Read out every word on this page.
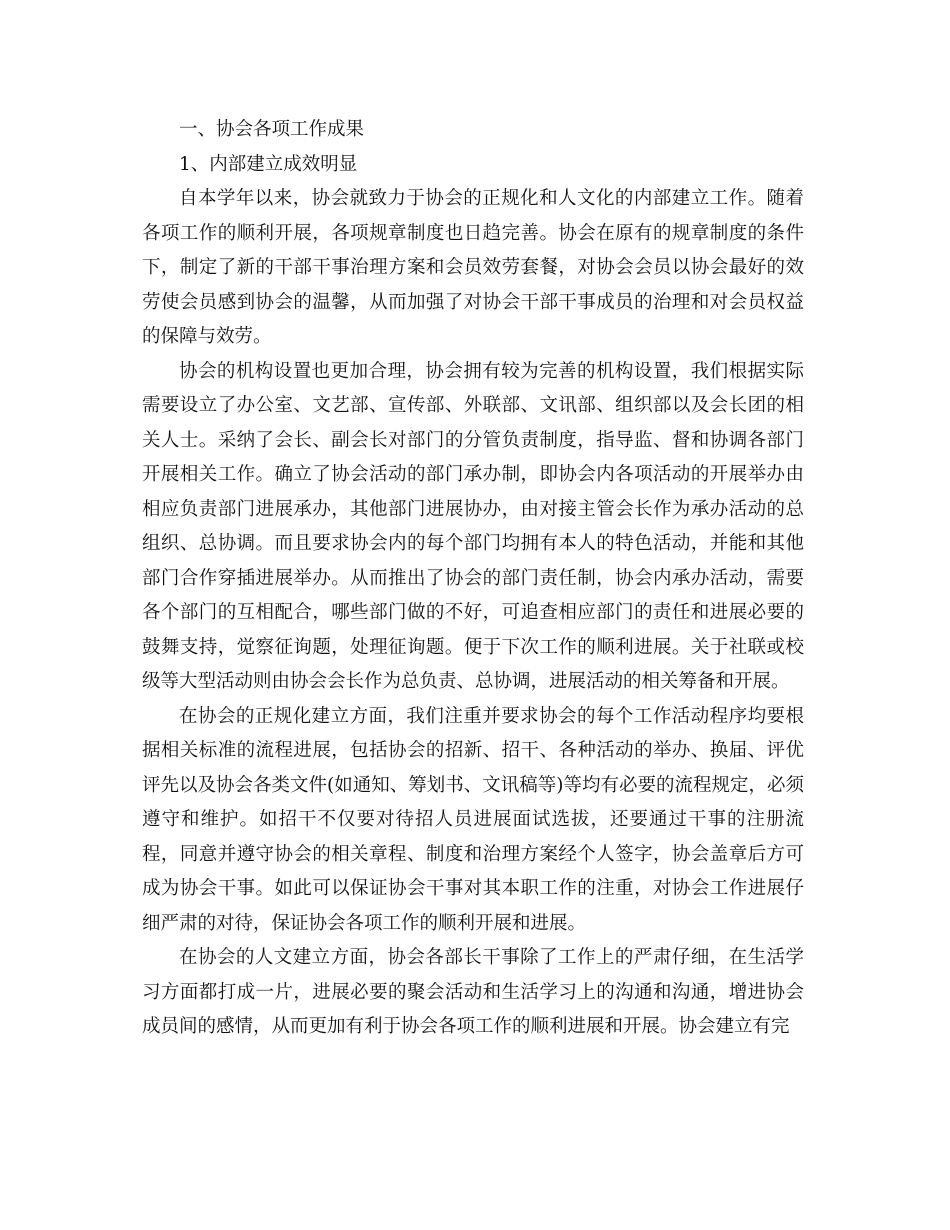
一、协会各项工作成果

1、内部建立成效明显

自本学年以来，协会就致力于协会的正规化和人文化的内部建立工作。随着各项工作的顺利开展，各项规章制度也日趋完善。协会在原有的规章制度的条件下，制定了新的干部干事治理方案和会员效劳套餐，对协会会员以协会最好的效劳使会员感到协会的温馨，从而加强了对协会干部干事成员的治理和对会员权益的保障与效劳。

协会的机构设置也更加合理，协会拥有较为完善的机构设置，我们根据实际需要设立了办公室、文艺部、宣传部、外联部、文讯部、组织部以及会长团的相关人士。采纳了会长、副会长对部门的分管负责制度，指导监、督和协调各部门开展相关工作。确立了协会活动的部门承办制，即协会内各项活动的开展举办由相应负责部门进展承办，其他部门进展协办，由对接主管会长作为承办活动的总组织、总协调。而且要求协会内的每个部门均拥有本人的特色活动，并能和其他部门合作穿插进展举办。从而推出了协会的部门责任制，协会内承办活动，需要各个部门的互相配合，哪些部门做的不好，可追查相应部门的责任和进展必要的鼓舞支持，觉察征询题，处理征询题。便于下次工作的顺利进展。关于社联或校级等大型活动则由协会会长作为总负责、总协调，进展活动的相关筹备和开展。

在协会的正规化建立方面，我们注重并要求协会的每个工作活动程序均要根据相关标准的流程进展，包括协会的招新、招干、各种活动的举办、换届、评优评先以及协会各类文件(如通知、筹划书、文讯稿等)等均有必要的流程规定，必须遵守和维护。如招干不仅要对待招人员进展面试选拔，还要通过干事的注册流程，同意并遵守协会的相关章程、制度和治理方案经个人签字，协会盖章后方可成为协会干事。如此可以保证协会干事对其本职工作的注重，对协会工作进展仔细严肃的对待，保证协会各项工作的顺利开展和进展。

在协会的人文建立方面，协会各部长干事除了工作上的严肃仔细，在生活学习方面都打成一片，进展必要的聚会活动和生活学习上的沟通和沟通，增进协会成员间的感情，从而更加有利于协会各项工作的顺利进展和开展。协会建立有完
